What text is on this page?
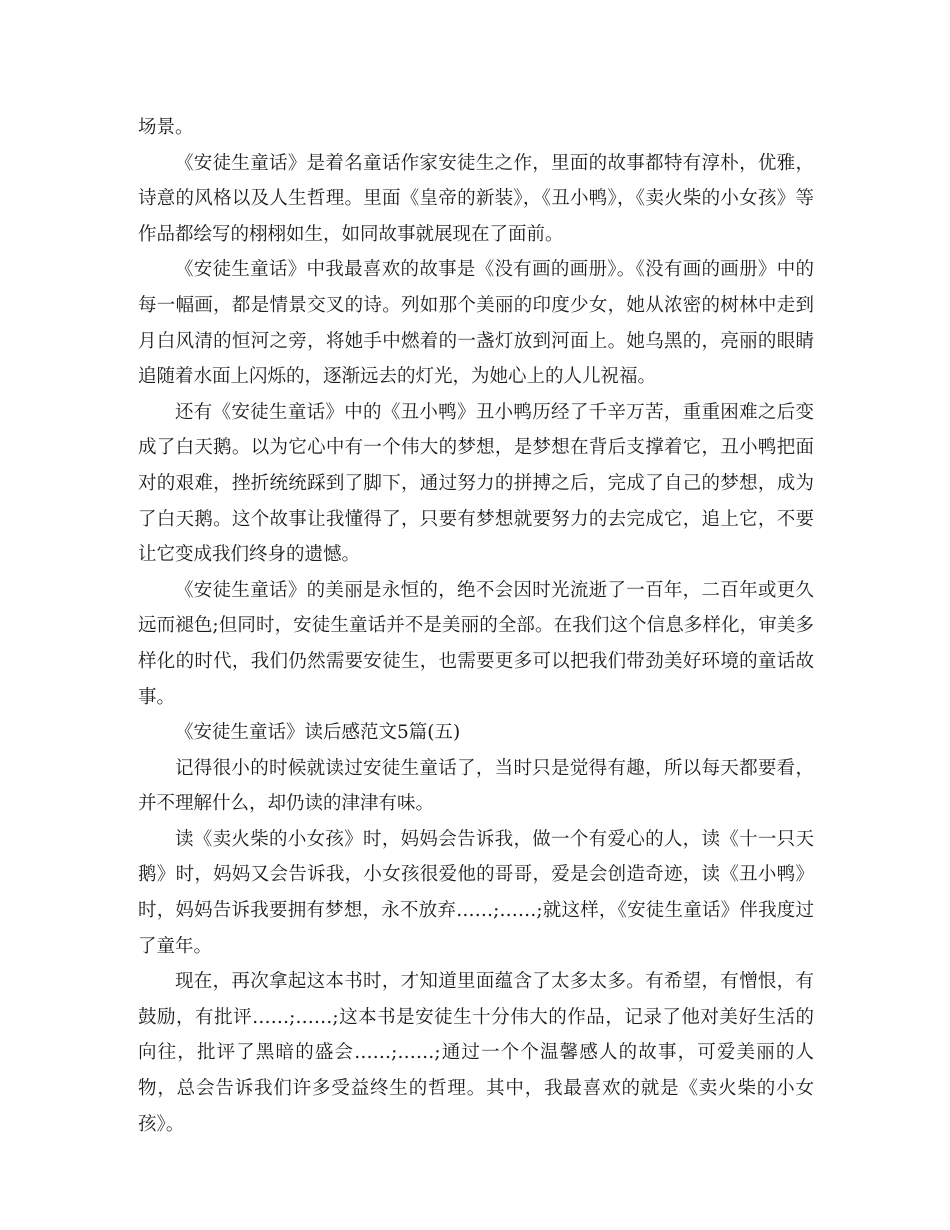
场景。

《安徒生童话》是着名童话作家安徒生之作，里面的故事都特有淳朴，优雅，诗意的风格以及人生哲理。里面《皇帝的新装》，《丑小鸭》，《卖火柴的小女孩》等作品都绘写的栩栩如生，如同故事就展现在了面前。

《安徒生童话》中我最喜欢的故事是《没有画的画册》。《没有画的画册》中的每一幅画，都是情景交叉的诗。列如那个美丽的印度少女，她从浓密的树林中走到月白风清的恒河之旁，将她手中燃着的一盏灯放到河面上。她乌黑的，亮丽的眼睛追随着水面上闪烁的，逐渐远去的灯光，为她心上的人儿祝福。

还有《安徒生童话》中的《丑小鸭》丑小鸭历经了千辛万苦，重重困难之后变成了白天鹅。以为它心中有一个伟大的梦想，是梦想在背后支撑着它，丑小鸭把面对的艰难，挫折统统踩到了脚下，通过努力的拼搏之后，完成了自己的梦想，成为了白天鹅。这个故事让我懂得了，只要有梦想就要努力的去完成它，追上它，不要让它变成我们终身的遗憾。

《安徒生童话》的美丽是永恒的，绝不会因时光流逝了一百年，二百年或更久远而褪色;但同时，安徒生童话并不是美丽的全部。在我们这个信息多样化，审美多样化的时代，我们仍然需要安徒生，也需要更多可以把我们带劲美好环境的童话故事。

《安徒生童话》读后感范文5篇(五)

记得很小的时候就读过安徒生童话了，当时只是觉得有趣，所以每天都要看，并不理解什么，却仍读的津津有味。

读《卖火柴的小女孩》时，妈妈会告诉我，做一个有爱心的人，读《十一只天鹅》时，妈妈又会告诉我，小女孩很爱他的哥哥，爱是会创造奇迹，读《丑小鸭》时，妈妈告诉我要拥有梦想，永不放弃……;……;就这样，《安徒生童话》伴我度过了童年。

现在，再次拿起这本书时，才知道里面蕴含了太多太多。有希望，有憎恨，有鼓励，有批评……;……;这本书是安徒生十分伟大的作品，记录了他对美好生活的向往，批评了黑暗的盛会……;……;通过一个个温馨感人的故事，可爱美丽的人物，总会告诉我们许多受益终生的哲理。其中，我最喜欢的就是《卖火柴的小女孩》。
